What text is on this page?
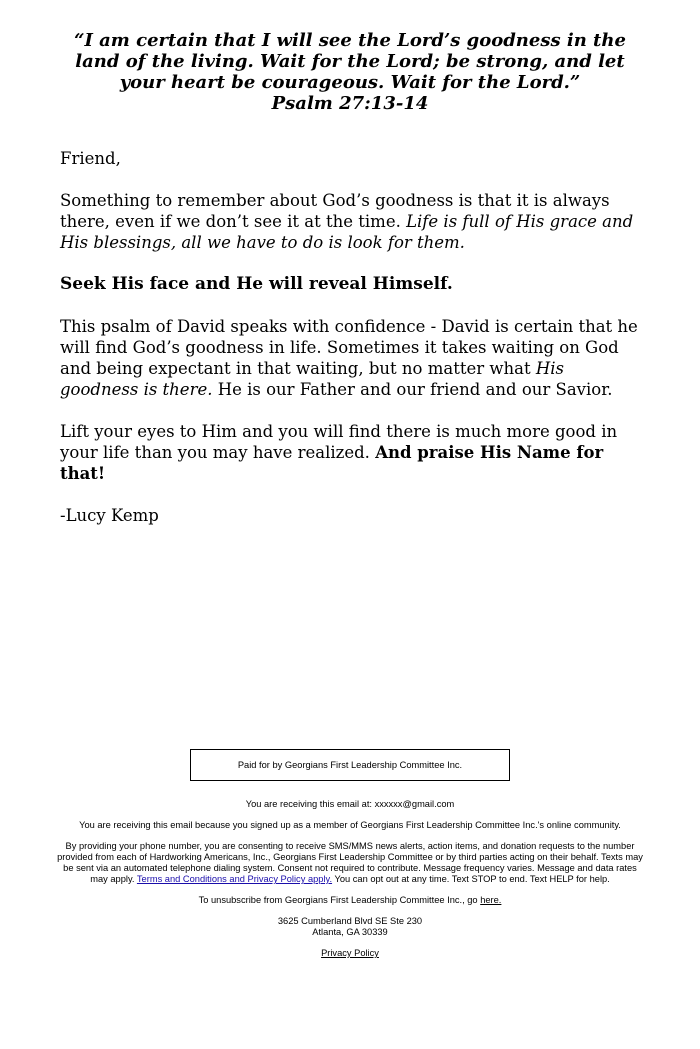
“I am certain that I will see the Lord’s goodness in the land of the living. Wait for the Lord; be strong, and let your heart be courageous. Wait for the Lord.”

Psalm 27:13-14

Friend,

Something to remember about God’s goodness is that it is always there, even if we don’t see it at the time. Life is full of His grace and His blessings, all we have to do is look for them.

Seek His face and He will reveal Himself.

This psalm of David speaks with confidence - David is certain that he will find God’s goodness in life. Sometimes it takes waiting on God and being expectant in that waiting, but no matter what His goodness is there. He is our Father and our friend and our Savior.

Lift your eyes to Him and you will find there is much more good in your life than you may have realized. And praise His Name for that!

-Lucy Kemp

Paid for by Georgians First Leadership Committee Inc.

You are receiving this email at: xxxxxx@gmail.com

You are receiving this email because you signed up as a member of Georgians First Leadership Committee Inc.'s online community.

By providing your phone number, you are consenting to receive SMS/MMS news alerts, action items, and donation requests to the number provided from each of Hardworking Americans, Inc., Georgians First Leadership Committee or by third parties acting on their behalf. Texts may be sent via an automated telephone dialing system. Consent not required to contribute. Message frequency varies. Message and data rates may apply. Terms and Conditions and Privacy Policy apply. You can opt out at any time. Text STOP to end. Text HELP for help.

To unsubscribe from Georgians First Leadership Committee Inc., go here.

3625 Cumberland Blvd SE Ste 230
Atlanta, GA 30339

Privacy Policy
